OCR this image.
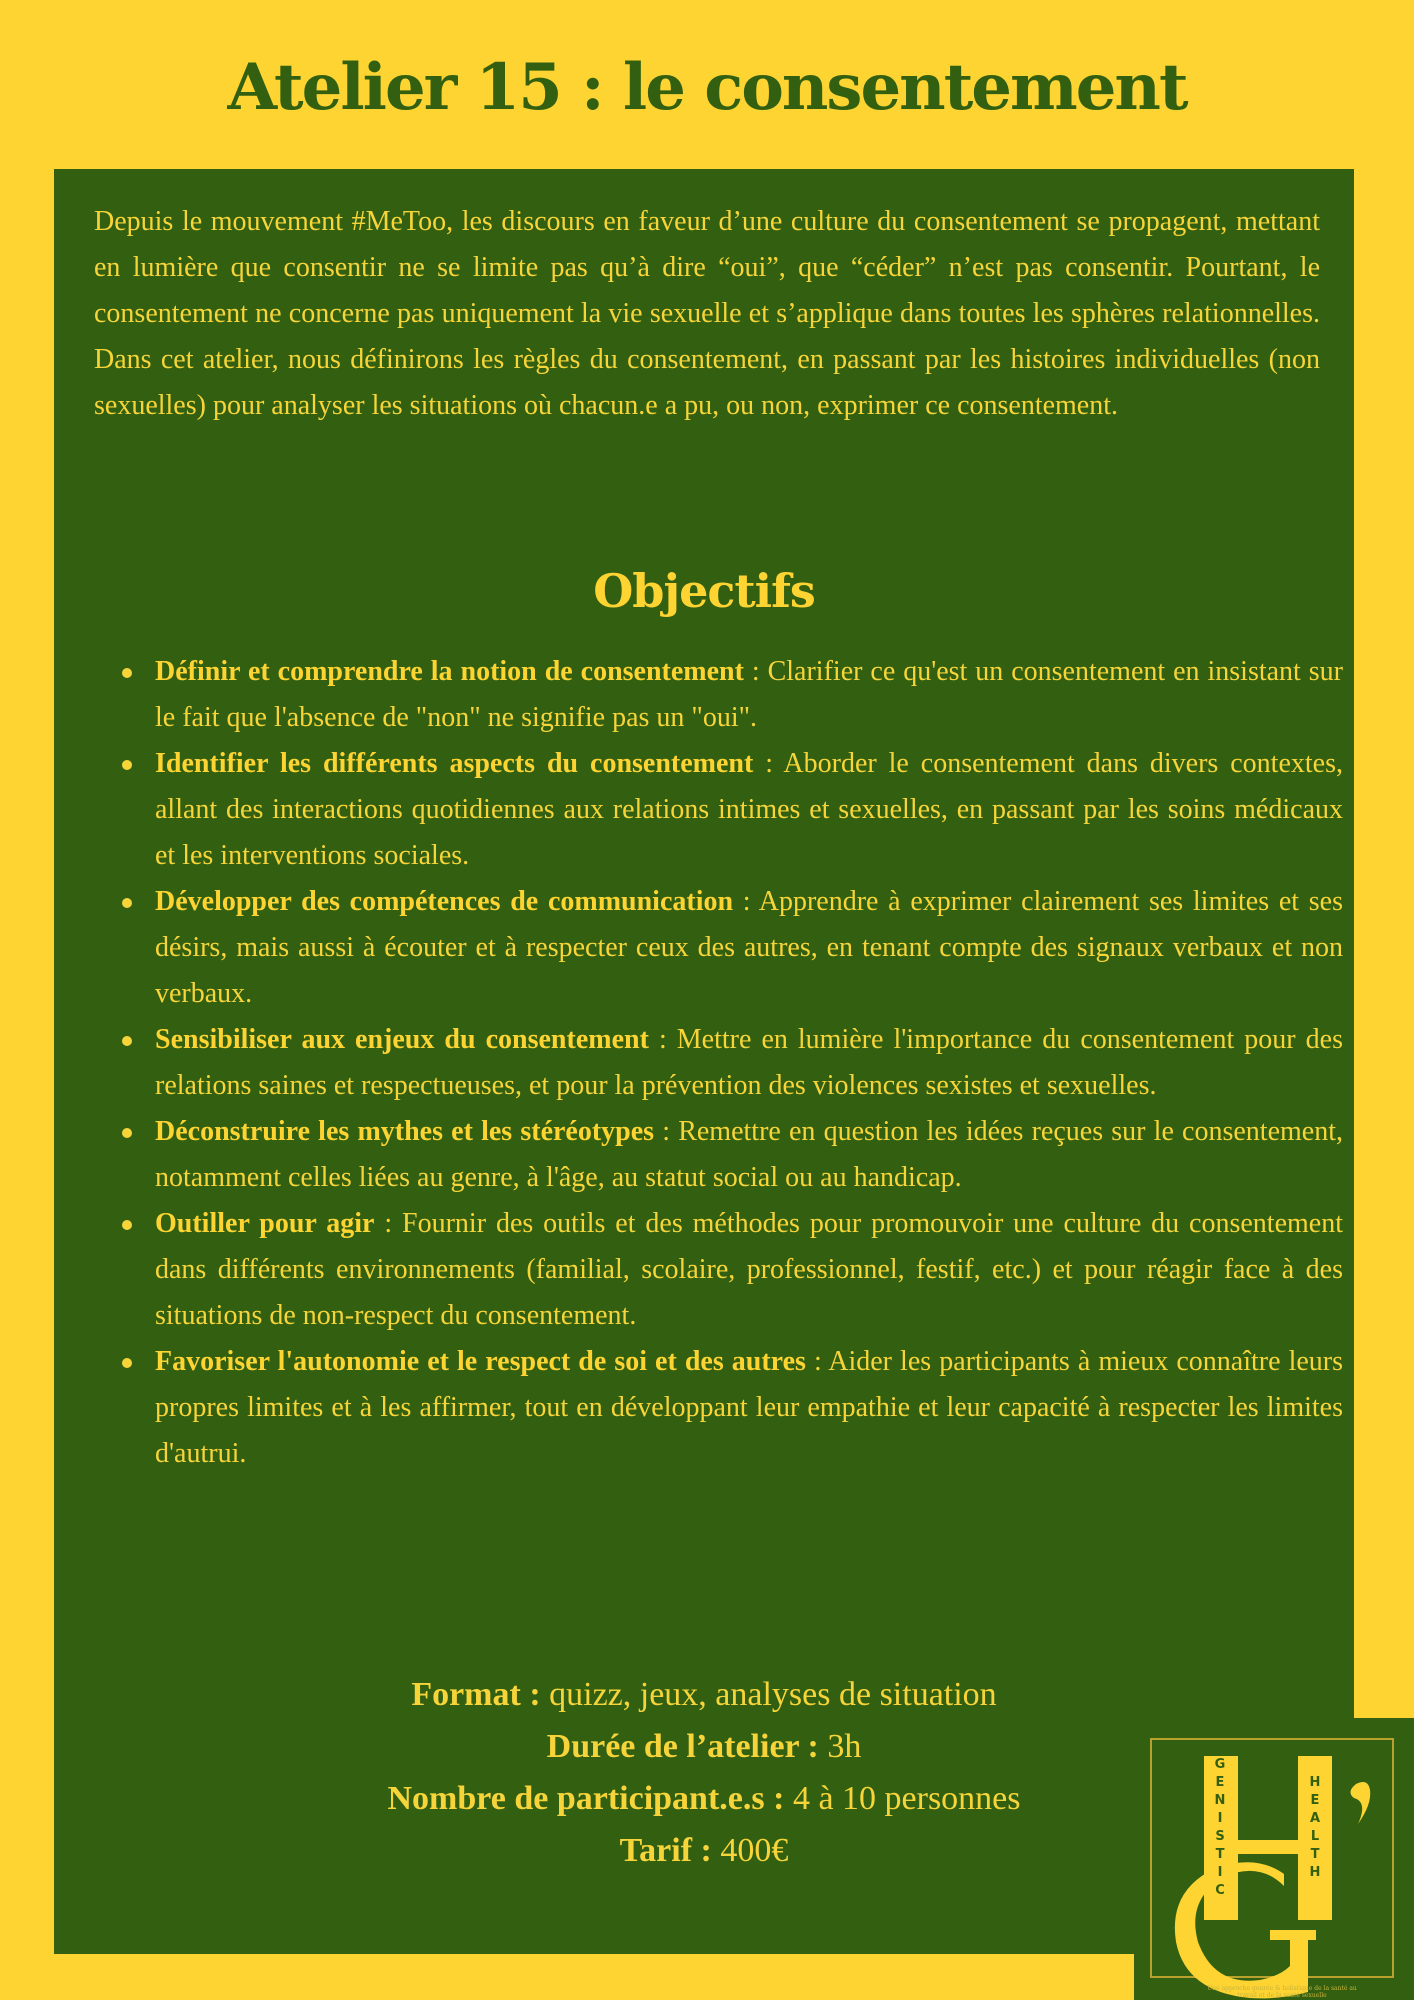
Atelier 15 : le consentement

Depuis le mouvement #MeToo, les discours en faveur d’une culture du consentement se propagent, mettant en lumière que consentir ne se limite pas qu’à dire “oui”, que “céder” n’est pas consentir. Pourtant, le consentement ne concerne pas uniquement la vie sexuelle et s’applique dans toutes les sphères relationnelles. Dans cet atelier, nous définirons les règles du consentement, en passant par les histoires individuelles (non sexuelles) pour analyser les situations où chacun.e a pu, ou non, exprimer ce consentement.

Objectifs
Définir et comprendre la notion de consentement : Clarifier ce qu'est un consentement en insistant sur le fait que l'absence de "non" ne signifie pas un "oui".
Identifier les différents aspects du consentement : Aborder le consentement dans divers contextes, allant des interactions quotidiennes aux relations intimes et sexuelles, en passant par les soins médicaux et les interventions sociales.
Développer des compétences de communication : Apprendre à exprimer clairement ses limites et ses désirs, mais aussi à écouter et à respecter ceux des autres, en tenant compte des signaux verbaux et non verbaux.
Sensibiliser aux enjeux du consentement : Mettre en lumière l'importance du consentement pour des relations saines et respectueuses, et pour la prévention des violences sexistes et sexuelles.
Déconstruire les mythes et les stéréotypes : Remettre en question les idées reçues sur le consentement, notamment celles liées au genre, à l'âge, au statut social ou au handicap.
Outiller pour agir : Fournir des outils et des méthodes pour promouvoir une culture du consentement dans différents environnements (familial, scolaire, professionnel, festif, etc.) et pour réagir face à des situations de non-respect du consentement.
Favoriser l'autonomie et le respect de soi et des autres : Aider les participants à mieux connaître leurs propres limites et à les affirmer, tout en développant leur empathie et leur capacité à respecter les limites d'autrui.

Format : quizz, jeux, analyses de situation

Durée de l’atelier : 3h

Nombre de participant.e.s : 4 à 10 personnes

Tarif : 400€

G E N I S T I C
H E A L T H
Une approche genrée & holistique de la santé au
travail et de la santé sexuelle
